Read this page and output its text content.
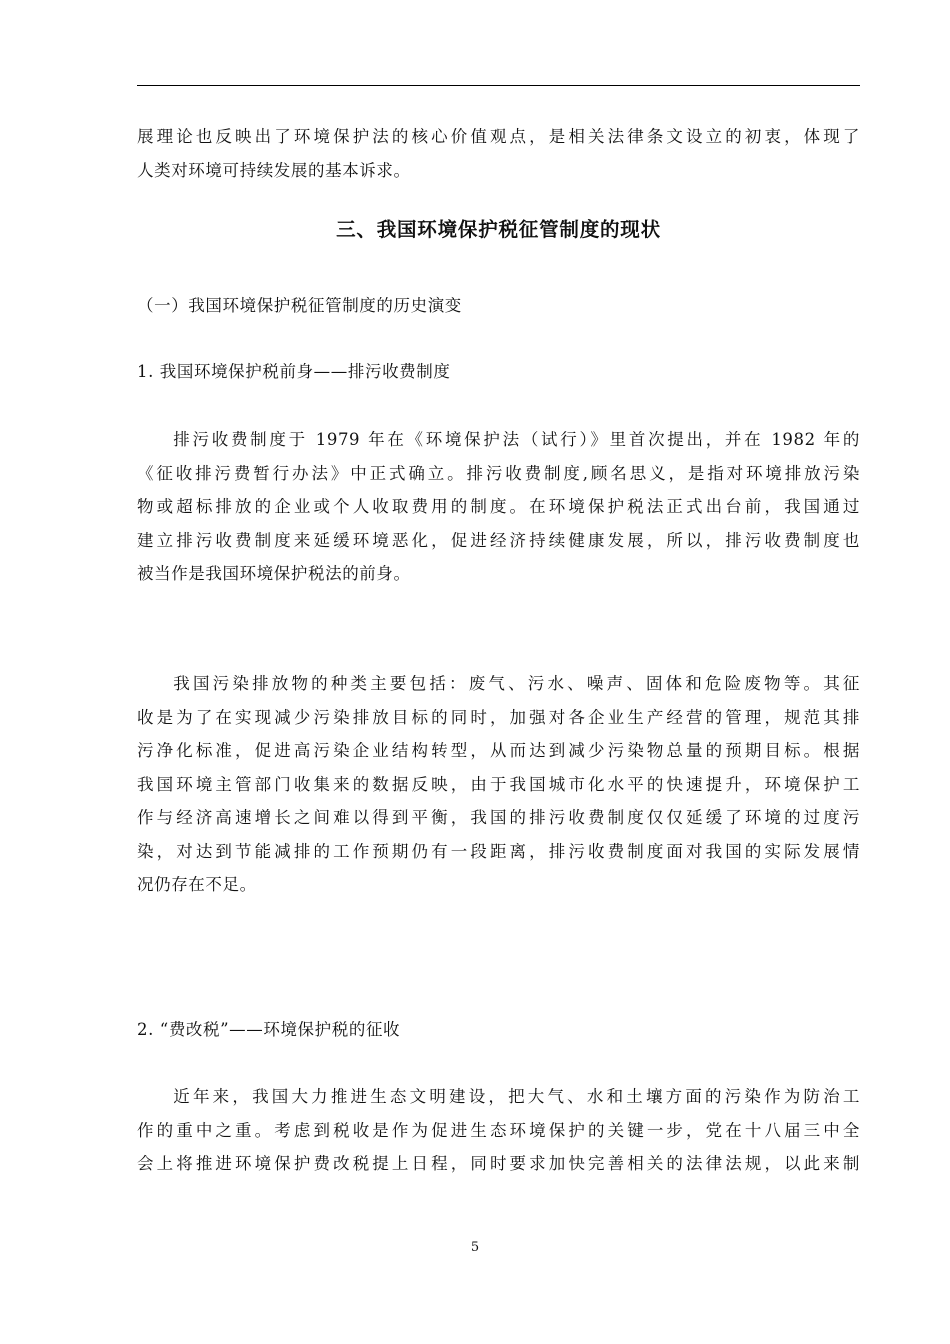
展理论也反映出了环境保护法的核心价值观点，是相关法律条文设立的初衷，体现了
人类对环境可持续发展的基本诉求。
三、我国环境保护税征管制度的现状
（一）我国环境保护税征管制度的历史演变
1. 我国环境保护税前身——排污收费制度
排污收费制度于 1979 年在《环境保护法（试行）》里首次提出，并在 1982 年的
《征收排污费暂行办法》中正式确立。排污收费制度,顾名思义，是指对环境排放污染
物或超标排放的企业或个人收取费用的制度。在环境保护税法正式出台前，我国通过
建立排污收费制度来延缓环境恶化，促进经济持续健康发展，所以，排污收费制度也
被当作是我国环境保护税法的前身。
我国污染排放物的种类主要包括：废气、污水、噪声、固体和危险废物等。其征
收是为了在实现减少污染排放目标的同时，加强对各企业生产经营的管理，规范其排
污净化标准，促进高污染企业结构转型，从而达到减少污染物总量的预期目标。根据
我国环境主管部门收集来的数据反映，由于我国城市化水平的快速提升，环境保护工
作与经济高速增长之间难以得到平衡，我国的排污收费制度仅仅延缓了环境的过度污
染，对达到节能减排的工作预期仍有一段距离，排污收费制度面对我国的实际发展情
况仍存在不足。
2. “费改税”——环境保护税的征收
近年来，我国大力推进生态文明建设，把大气、水和土壤方面的污染作为防治工
作的重中之重。考虑到税收是作为促进生态环境保护的关键一步，党在十八届三中全
会上将推进环境保护费改税提上日程，同时要求加快完善相关的法律法规，以此来制
5
